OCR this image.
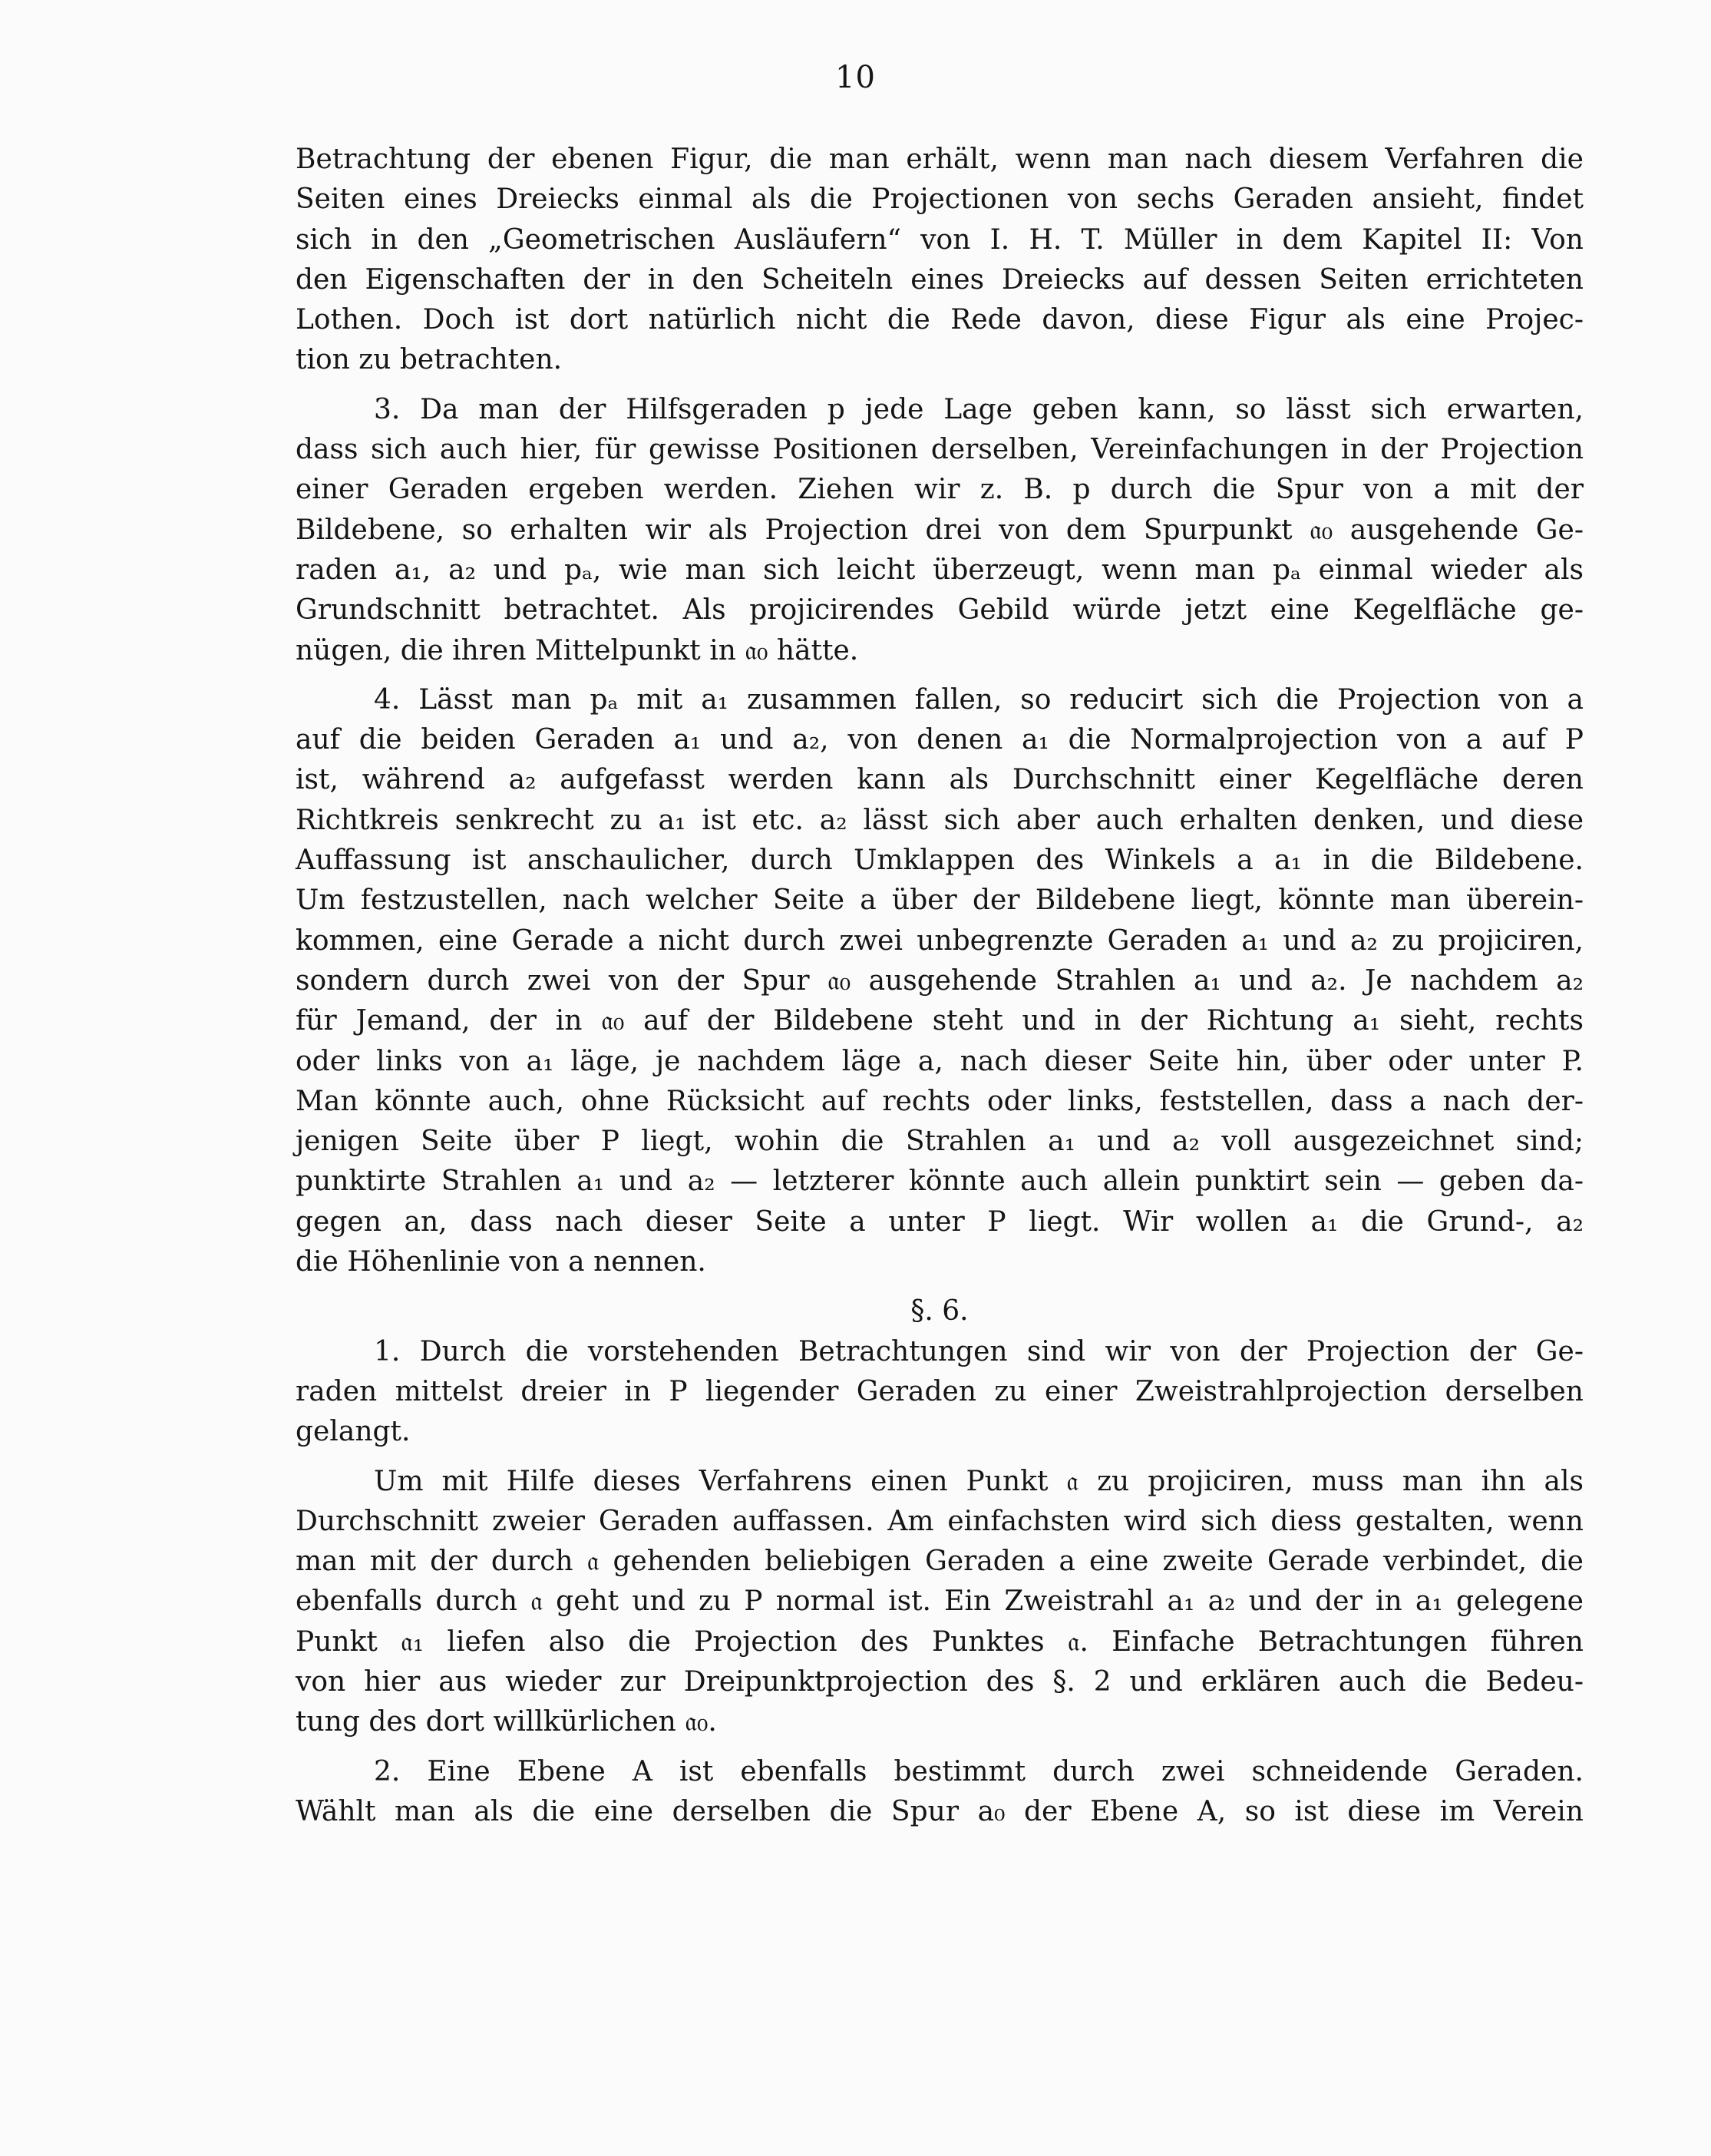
10
Betrachtung der ebenen Figur, die man erhält, wenn man nach diesem Verfahren die
Seiten eines Dreiecks einmal als die Projectionen von sechs Geraden ansieht, findet
sich in den „Geometrischen Ausläufern“ von I. H. T. Müller in dem Kapitel II: Von
den Eigenschaften der in den Scheiteln eines Dreiecks auf dessen Seiten errichteten
Lothen. Doch ist dort natürlich nicht die Rede davon, diese Figur als eine Projec-
tion zu betrachten.
3. Da man der Hilfsgeraden p jede Lage geben kann, so lässt sich erwarten,
dass sich auch hier, für gewisse Positionen derselben, Vereinfachungen in der Projection
einer Geraden ergeben werden. Ziehen wir z. B. p durch die Spur von a mit der
Bildebene, so erhalten wir als Projection drei von dem Spurpunkt 𝔞₀ ausgehende Ge-
raden a₁, a₂ und pₐ, wie man sich leicht überzeugt, wenn man pₐ einmal wieder als
Grundschnitt betrachtet. Als projicirendes Gebild würde jetzt eine Kegelfläche ge-
nügen, die ihren Mittelpunkt in 𝔞₀ hätte.
4. Lässt man pₐ mit a₁ zusammen fallen, so reducirt sich die Projection von a
auf die beiden Geraden a₁ und a₂, von denen a₁ die Normalprojection von a auf P
ist, während a₂ aufgefasst werden kann als Durchschnitt einer Kegelfläche deren
Richtkreis senkrecht zu a₁ ist etc. a₂ lässt sich aber auch erhalten denken, und diese
Auffassung ist anschaulicher, durch Umklappen des Winkels a a₁ in die Bildebene.
Um festzustellen, nach welcher Seite a über der Bildebene liegt, könnte man überein-
kommen, eine Gerade a nicht durch zwei unbegrenzte Geraden a₁ und a₂ zu projiciren,
sondern durch zwei von der Spur 𝔞₀ ausgehende Strahlen a₁ und a₂. Je nachdem a₂
für Jemand, der in 𝔞₀ auf der Bildebene steht und in der Richtung a₁ sieht, rechts
oder links von a₁ läge, je nachdem läge a, nach dieser Seite hin, über oder unter P.
Man könnte auch, ohne Rücksicht auf rechts oder links, feststellen, dass a nach der-
jenigen Seite über P liegt, wohin die Strahlen a₁ und a₂ voll ausgezeichnet sind;
punktirte Strahlen a₁ und a₂ — letzterer könnte auch allein punktirt sein — geben da-
gegen an, dass nach dieser Seite a unter P liegt. Wir wollen a₁ die Grund-, a₂
die Höhenlinie von a nennen.
§. 6.
1. Durch die vorstehenden Betrachtungen sind wir von der Projection der Ge-
raden mittelst dreier in P liegender Geraden zu einer Zweistrahlprojection derselben
gelangt.
Um mit Hilfe dieses Verfahrens einen Punkt 𝔞 zu projiciren, muss man ihn als
Durchschnitt zweier Geraden auffassen. Am einfachsten wird sich diess gestalten, wenn
man mit der durch 𝔞 gehenden beliebigen Geraden a eine zweite Gerade verbindet, die
ebenfalls durch 𝔞 geht und zu P normal ist. Ein Zweistrahl a₁ a₂ und der in a₁ gelegene
Punkt 𝔞₁ liefen also die Projection des Punktes 𝔞. Einfache Betrachtungen führen
von hier aus wieder zur Dreipunktprojection des §. 2 und erklären auch die Bedeu-
tung des dort willkürlichen 𝔞₀.
2. Eine Ebene A ist ebenfalls bestimmt durch zwei schneidende Geraden.
Wählt man als die eine derselben die Spur a₀ der Ebene A, so ist diese im Verein
